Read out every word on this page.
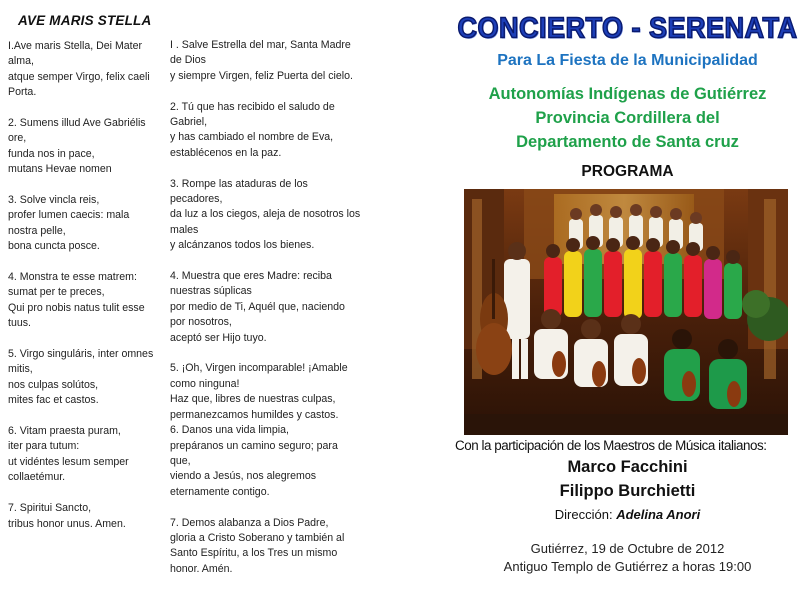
AVE MARIS STELLA
I.Ave maris Stella, Dei Mater
alma,
atque semper Virgo, felix caeli
Porta.
2. Sumens illud Ave Gabriélis
ore,
funda nos in pace,
mutans Hevae nomen
3. Solve vincla reis,
profer lumen caecis: mala
nostra pelle,
bona cuncta posce.
4. Monstra te esse matrem:
sumat per te preces,
Qui pro nobis natus tulit esse
tuus.
5. Virgo singuláris, inter omnes
mitis,
nos culpas solútos,
mites fac et castos.
6. Vitam praesta puram,
iter para tutum:
ut vidéntes lesum semper
collaetémur.
7. Spiritui Sancto,
tribus honor unus. Amen.
I . Salve Estrella del mar, Santa Madre
de Dios
y siempre Virgen, feliz Puerta del cielo.
2. Tú que has recibido el saludo de
Gabriel,
y has cambiado el nombre de Eva,
establécenos en la paz.
3. Rompe las ataduras de los
pecadores,
da luz a los ciegos, aleja de nosotros los
males
y alcánzanos todos los bienes.
4. Muestra que eres Madre: reciba
nuestras súplicas
por medio de Ti, Aquél que, naciendo
por nosotros,
aceptó ser Hijo tuyo.
5. ¡Oh, Virgen incomparable! ¡Amable
como ninguna!
Haz que, libres de nuestras culpas,
permanezcamos humildes y castos.
6. Danos una vida limpia,
prepáranos un camino seguro; para
que,
viendo a Jesús, nos alegremos
eternamente contigo.
7. Demos alabanza a Dios Padre,
gloria a Cristo Soberano y también al
Santo Espíritu, a los Tres un mismo
honor. Amén.
CONCIERTO - SERENATA
Para La Fiesta de la Municipalidad
Autonomías Indígenas de Gutiérrez
Provincia Cordillera del
Departamento de Santa cruz
PROGRAMA
Con la participación de los Maestros de Música italianos:
Marco Facchini
Filippo Burchietti
Dirección: Adelina Anori
Gutiérrez, 19 de Octubre de 2012
Antiguo Templo de Gutiérrez a horas 19:00
